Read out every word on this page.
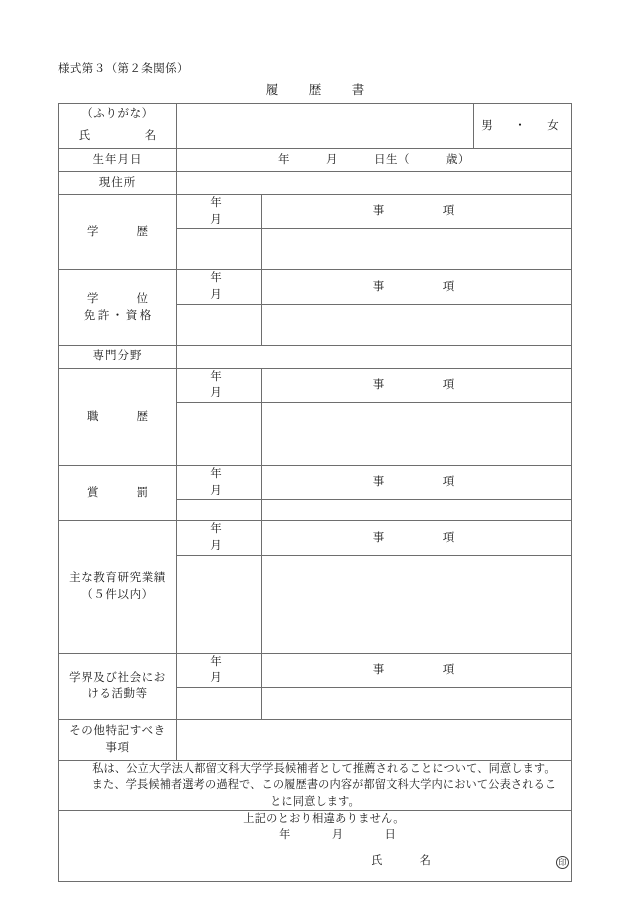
様式第３（第２条関係）
履　歴　書
（ふりがな）			男　・　女

氏　　　名			

生年月日	年　　　月　　　日生（　　　歳）		

現住所			

学　　歴	年　　　月	事　　　項	

学　　位
免許・資格	年　　　月	事　　　項	

専門分野			

職　　歴	年　　　月	事　　　項	

賞　　罰	年　　　月	事　　　項	

主な教育研究業績
（５件以内）	年　　　月	事　　　項	

学界及び社会にお
ける活動等	年　　　月	事　　　項	

その他特記すべき
事項			

私は、公立大学法人都留文科大学学長候補者として推薦されることについて、同意します。

また、学長候補者選考の過程で、この履歴書の内容が都留文科大学内において公表されるこ

とに同意します。			

上記のとおり相違ありません。
年　　　月　　　日
氏　　名 印			
